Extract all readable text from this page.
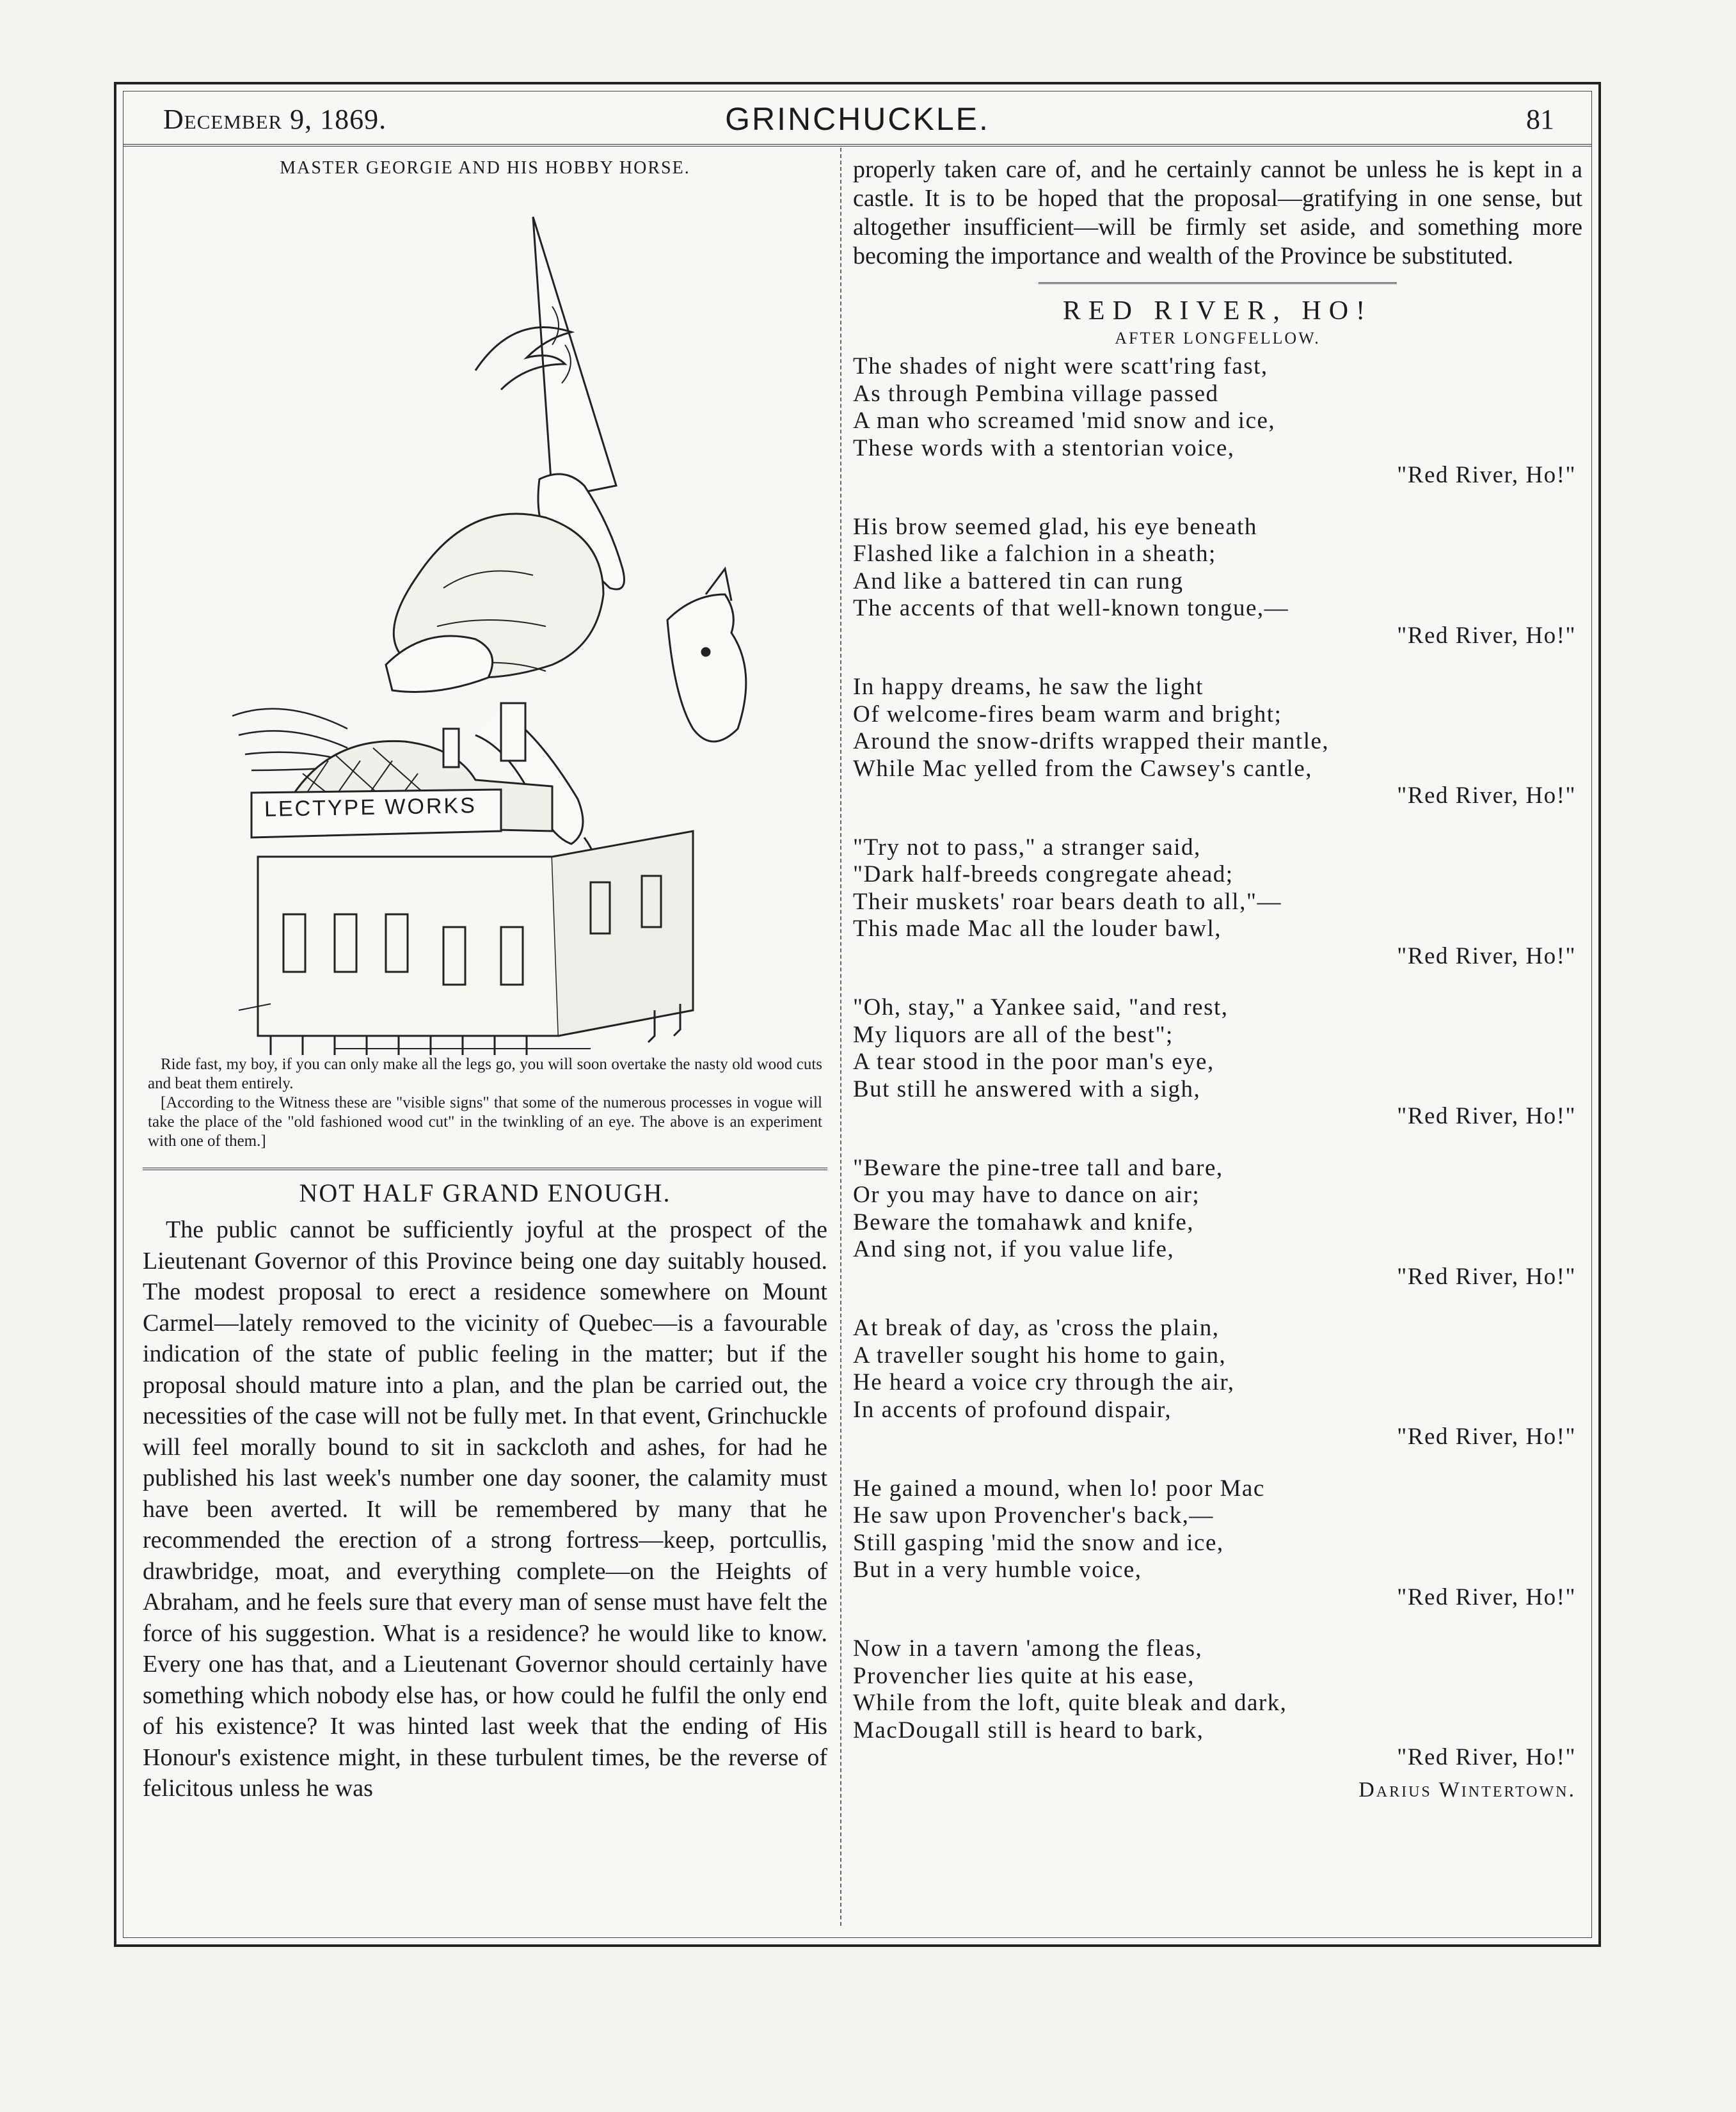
December 9, 1869.	GRINCHUCKLE.	81
MASTER GEORGIE AND HIS HOBBY HORSE.
LECTYPE WORKS

Ride fast, my boy, if you can only make all the legs go, you will soon overtake the nasty old wood cuts and beat them entirely.

[According to the Witness these are "visible signs" that some of the numerous processes in vogue will take the place of the "old fashioned wood cut" in the twinkling of an eye. The above is an experiment with one of them.]

NOT HALF GRAND ENOUGH.

The public cannot be sufficiently joyful at the prospect of the Lieutenant Governor of this Province being one day suitably housed. The modest proposal to erect a residence somewhere on Mount Carmel—lately removed to the vicinity of Quebec—is a favourable indication of the state of public feeling in the matter; but if the proposal should mature into a plan, and the plan be carried out, the necessities of the case will not be fully met. In that event, Grinchuckle will feel morally bound to sit in sackcloth and ashes, for had he published his last week's number one day sooner, the calamity must have been averted. It will be remembered by many that he recommended the erection of a strong fortress—keep, portcullis, drawbridge, moat, and everything complete—on the Heights of Abraham, and he feels sure that every man of sense must have felt the force of his suggestion. What is a residence? he would like to know. Every one has that, and a Lieutenant Governor should certainly have something which nobody else has, or how could he fulfil the only end of his existence? It was hinted last week that the ending of His Honour's existence might, in these turbulent times, be the reverse of felicitous unless he was

properly taken care of, and he certainly cannot be unless he is kept in a castle. It is to be hoped that the proposal—gratifying in one sense, but altogether insufficient—will be firmly set aside, and something more becoming the importance and wealth of the Province be substituted.

RED RIVER, HO!
AFTER LONGFELLOW.
The shades of night were scatt'ring fast,
As through Pembina village passed
A man who screamed 'mid snow and ice,
These words with a stentorian voice,
"Red River, Ho!"
His brow seemed glad, his eye beneath
Flashed like a falchion in a sheath;
And like a battered tin can rung
The accents of that well-known tongue,—
"Red River, Ho!"
In happy dreams, he saw the light
Of welcome-fires beam warm and bright;
Around the snow-drifts wrapped their mantle,
While Mac yelled from the Cawsey's cantle,
"Red River, Ho!"
"Try not to pass," a stranger said,
"Dark half-breeds congregate ahead;
Their muskets' roar bears death to all,"—
This made Mac all the louder bawl,
"Red River, Ho!"
"Oh, stay," a Yankee said, "and rest,
My liquors are all of the best";
A tear stood in the poor man's eye,
But still he answered with a sigh,
"Red River, Ho!"
"Beware the pine-tree tall and bare,
Or you may have to dance on air;
Beware the tomahawk and knife,
And sing not, if you value life,
"Red River, Ho!"
At break of day, as 'cross the plain,
A traveller sought his home to gain,
He heard a voice cry through the air,
In accents of profound dispair,
"Red River, Ho!"
He gained a mound, when lo! poor Mac
He saw upon Provencher's back,—
Still gasping 'mid the snow and ice,
But in a very humble voice,
"Red River, Ho!"
Now in a tavern 'among the fleas,
Provencher lies quite at his ease,
While from the loft, quite bleak and dark,
MacDougall still is heard to bark,
"Red River, Ho!"
Darius Wintertown.
